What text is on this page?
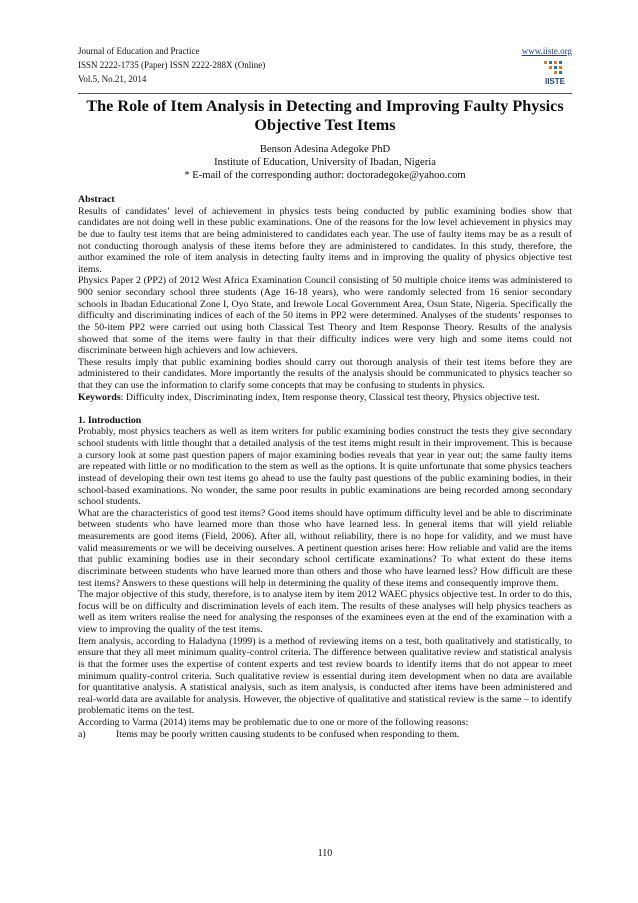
Journal of Education and Practice
ISSN 2222-1735 (Paper) ISSN 2222-288X (Online)
Vol.5, No.21, 2014
www.iiste.org
IISTE
The Role of Item Analysis in Detecting and Improving Faulty Physics Objective Test Items
Benson Adesina Adegoke PhD
Institute of Education, University of Ibadan, Nigeria
* E-mail of the corresponding author: doctoradegoke@yahoo.com

Abstract

Results of candidates’ level of achievement in physics tests being conducted by public examining bodies show that candidates are not doing well in these public examinations. One of the reasons for the low level achievement in physics may be due to faulty test items that are being administered to candidates each year. The use of faulty items may be as a result of not conducting thorough analysis of these items before they are administered to candidates. In this study, therefore, the author examined the role of item analysis in detecting faulty items and in improving the quality of physics objective test items.

Physics Paper 2 (PP2) of 2012 West Africa Examination Council consisting of 50 multiple choice items was administered to 900 senior secondary school three students (Age 16-18 years), who were randomly selected from 16 senior secondary schools in Ibadan Educational Zone I, Oyo State, and Irewole Local Government Area, Osun State, Nigeria. Specifically the difficulty and discriminating indices of each of the 50 items in PP2 were determined. Analyses of the students’ responses to the 50-item PP2 were carried out using both Classical Test Theory and Item Response Theory. Results of the analysis showed that some of the items were faulty in that their difficulty indices were very high and some items could not discriminate between high achievers and low achievers.

These results imply that public examining bodies should carry out thorough analysis of their test items before they are administered to their candidates. More importantly the results of the analysis should be communicated to physics teacher so that they can use the information to clarify some concepts that may be confusing to students in physics.

Keywords: Difficulty index, Discriminating index, Item response theory, Classical test theory, Physics objective test.

1. Introduction

Probably, most physics teachers as well as item writers for public examining bodies construct the tests they give secondary school students with little thought that a detailed analysis of the test items might result in their improvement. This is because a cursory look at some past question papers of major examining bodies reveals that year in year out; the same faulty items are repeated with little or no modification to the stem as well as the options. It is quite unfortunate that some physics teachers instead of developing their own test items go ahead to use the faulty past questions of the public examining bodies, in their school-based examinations. No wonder, the same poor results in public examinations are being recorded among secondary school students.

What are the characteristics of good test items? Good items should have optimum difficulty level and be able to discriminate between students who have learned more than those who have learned less. In general items that will yield reliable measurements are good items (Field, 2006). After all, without reliability, there is no hope for validity, and we must have valid measurements or we will be deceiving ourselves. A pertinent question arises here: How reliable and valid are the items that public examining bodies use in their secondary school certificate examinations? To what extent do these items discriminate between students who have learned more than others and those who have learned less? How difficult are these test items? Answers to these questions will help in determining the quality of these items and consequently improve them.

The major objective of this study, therefore, is to analyse item by item 2012 WAEC physics objective test. In order to do this, focus will be on difficulty and discrimination levels of each item. The results of these analyses will help physics teachers as well as item writers realise the need for analysing the responses of the examinees even at the end of the examination with a view to improving the quality of the test items.

Item analysis, according to Haladyna (1999) is a method of reviewing items on a test, both qualitatively and statistically, to ensure that they all meet minimum quality-control criteria. The difference between qualitative review and statistical analysis is that the former uses the expertise of content experts and test review boards to identify items that do not appear to meet minimum quality-control criteria. Such qualitative review is essential during item development when no data are available for quantitative analysis. A statistical analysis, such as item analysis, is conducted after items have been administered and real-world data are available for analysis. However, the objective of qualitative and statistical review is the same – to identify problematic items on the test.

According to Varma (2014) items may be problematic due to one or more of the following reasons:

a)	Items may be poorly written causing students to be confused when responding to them.

110
